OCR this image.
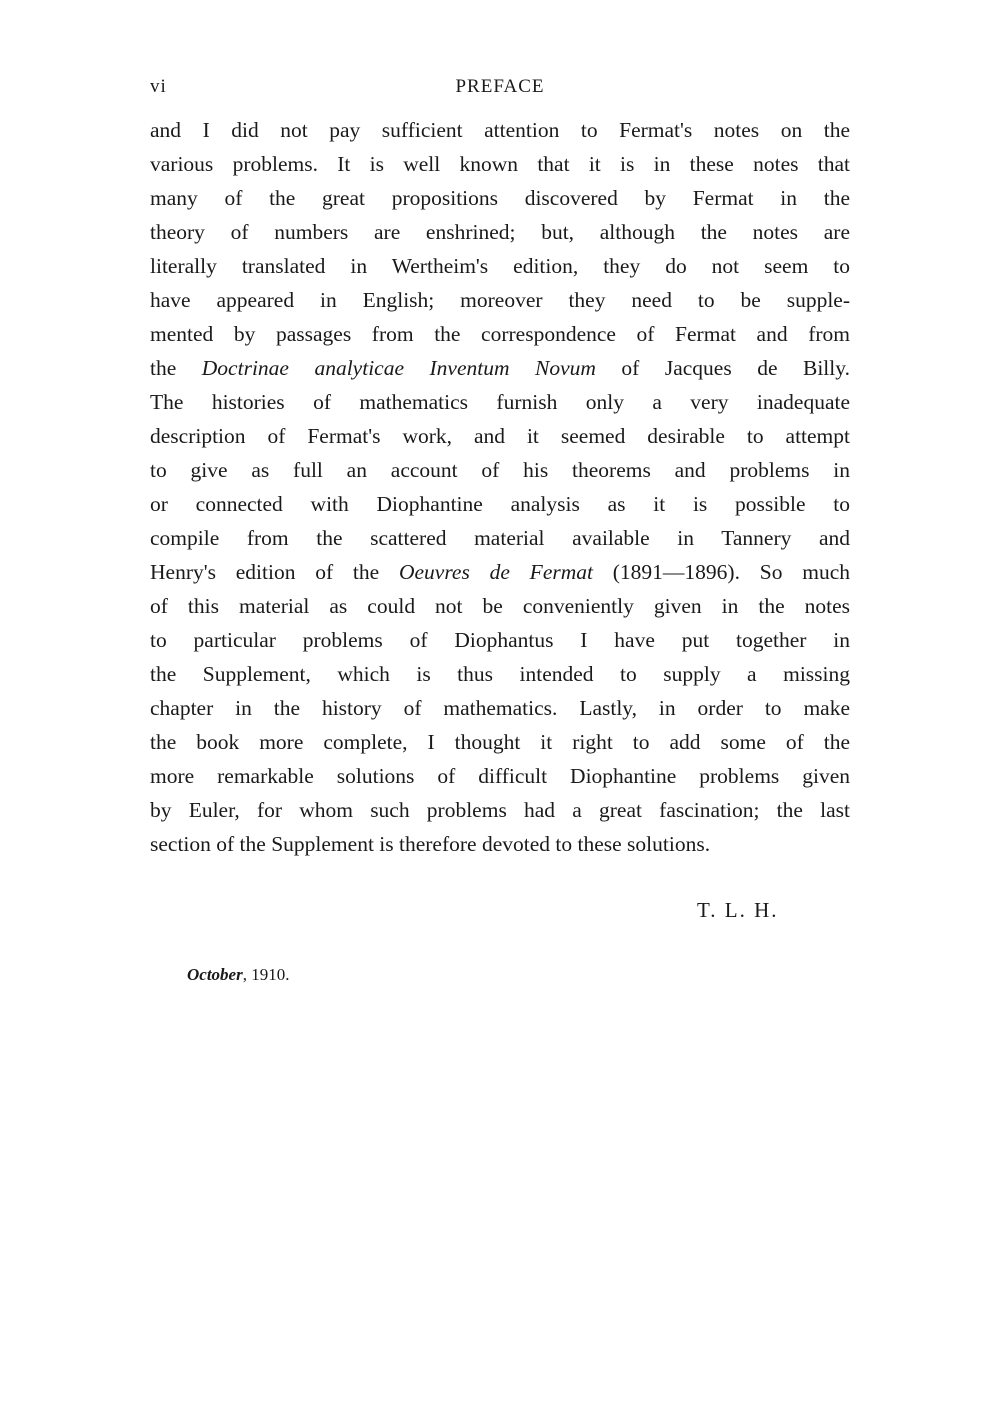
vi	PREFACE
and I did not pay sufficient attention to Fermat's notes on the
various problems. It is well known that it is in these notes that
many of the great propositions discovered by Fermat in the
theory of numbers are enshrined; but, although the notes are
literally translated in Wertheim's edition, they do not seem to
have appeared in English; moreover they need to be supple-
mented by passages from the correspondence of Fermat and from
the Doctrinae analyticae Inventum Novum of Jacques de Billy.
The histories of mathematics furnish only a very inadequate
description of Fermat's work, and it seemed desirable to attempt
to give as full an account of his theorems and problems in
or connected with Diophantine analysis as it is possible to
compile from the scattered material available in Tannery and
Henry's edition of the Oeuvres de Fermat (1891—1896). So much
of this material as could not be conveniently given in the notes
to particular problems of Diophantus I have put together in
the Supplement, which is thus intended to supply a missing
chapter in the history of mathematics. Lastly, in order to make
the book more complete, I thought it right to add some of the
more remarkable solutions of difficult Diophantine problems given
by Euler, for whom such problems had a great fascination; the last
section of the Supplement is therefore devoted to these solutions.
T. L. H.
October, 1910.
